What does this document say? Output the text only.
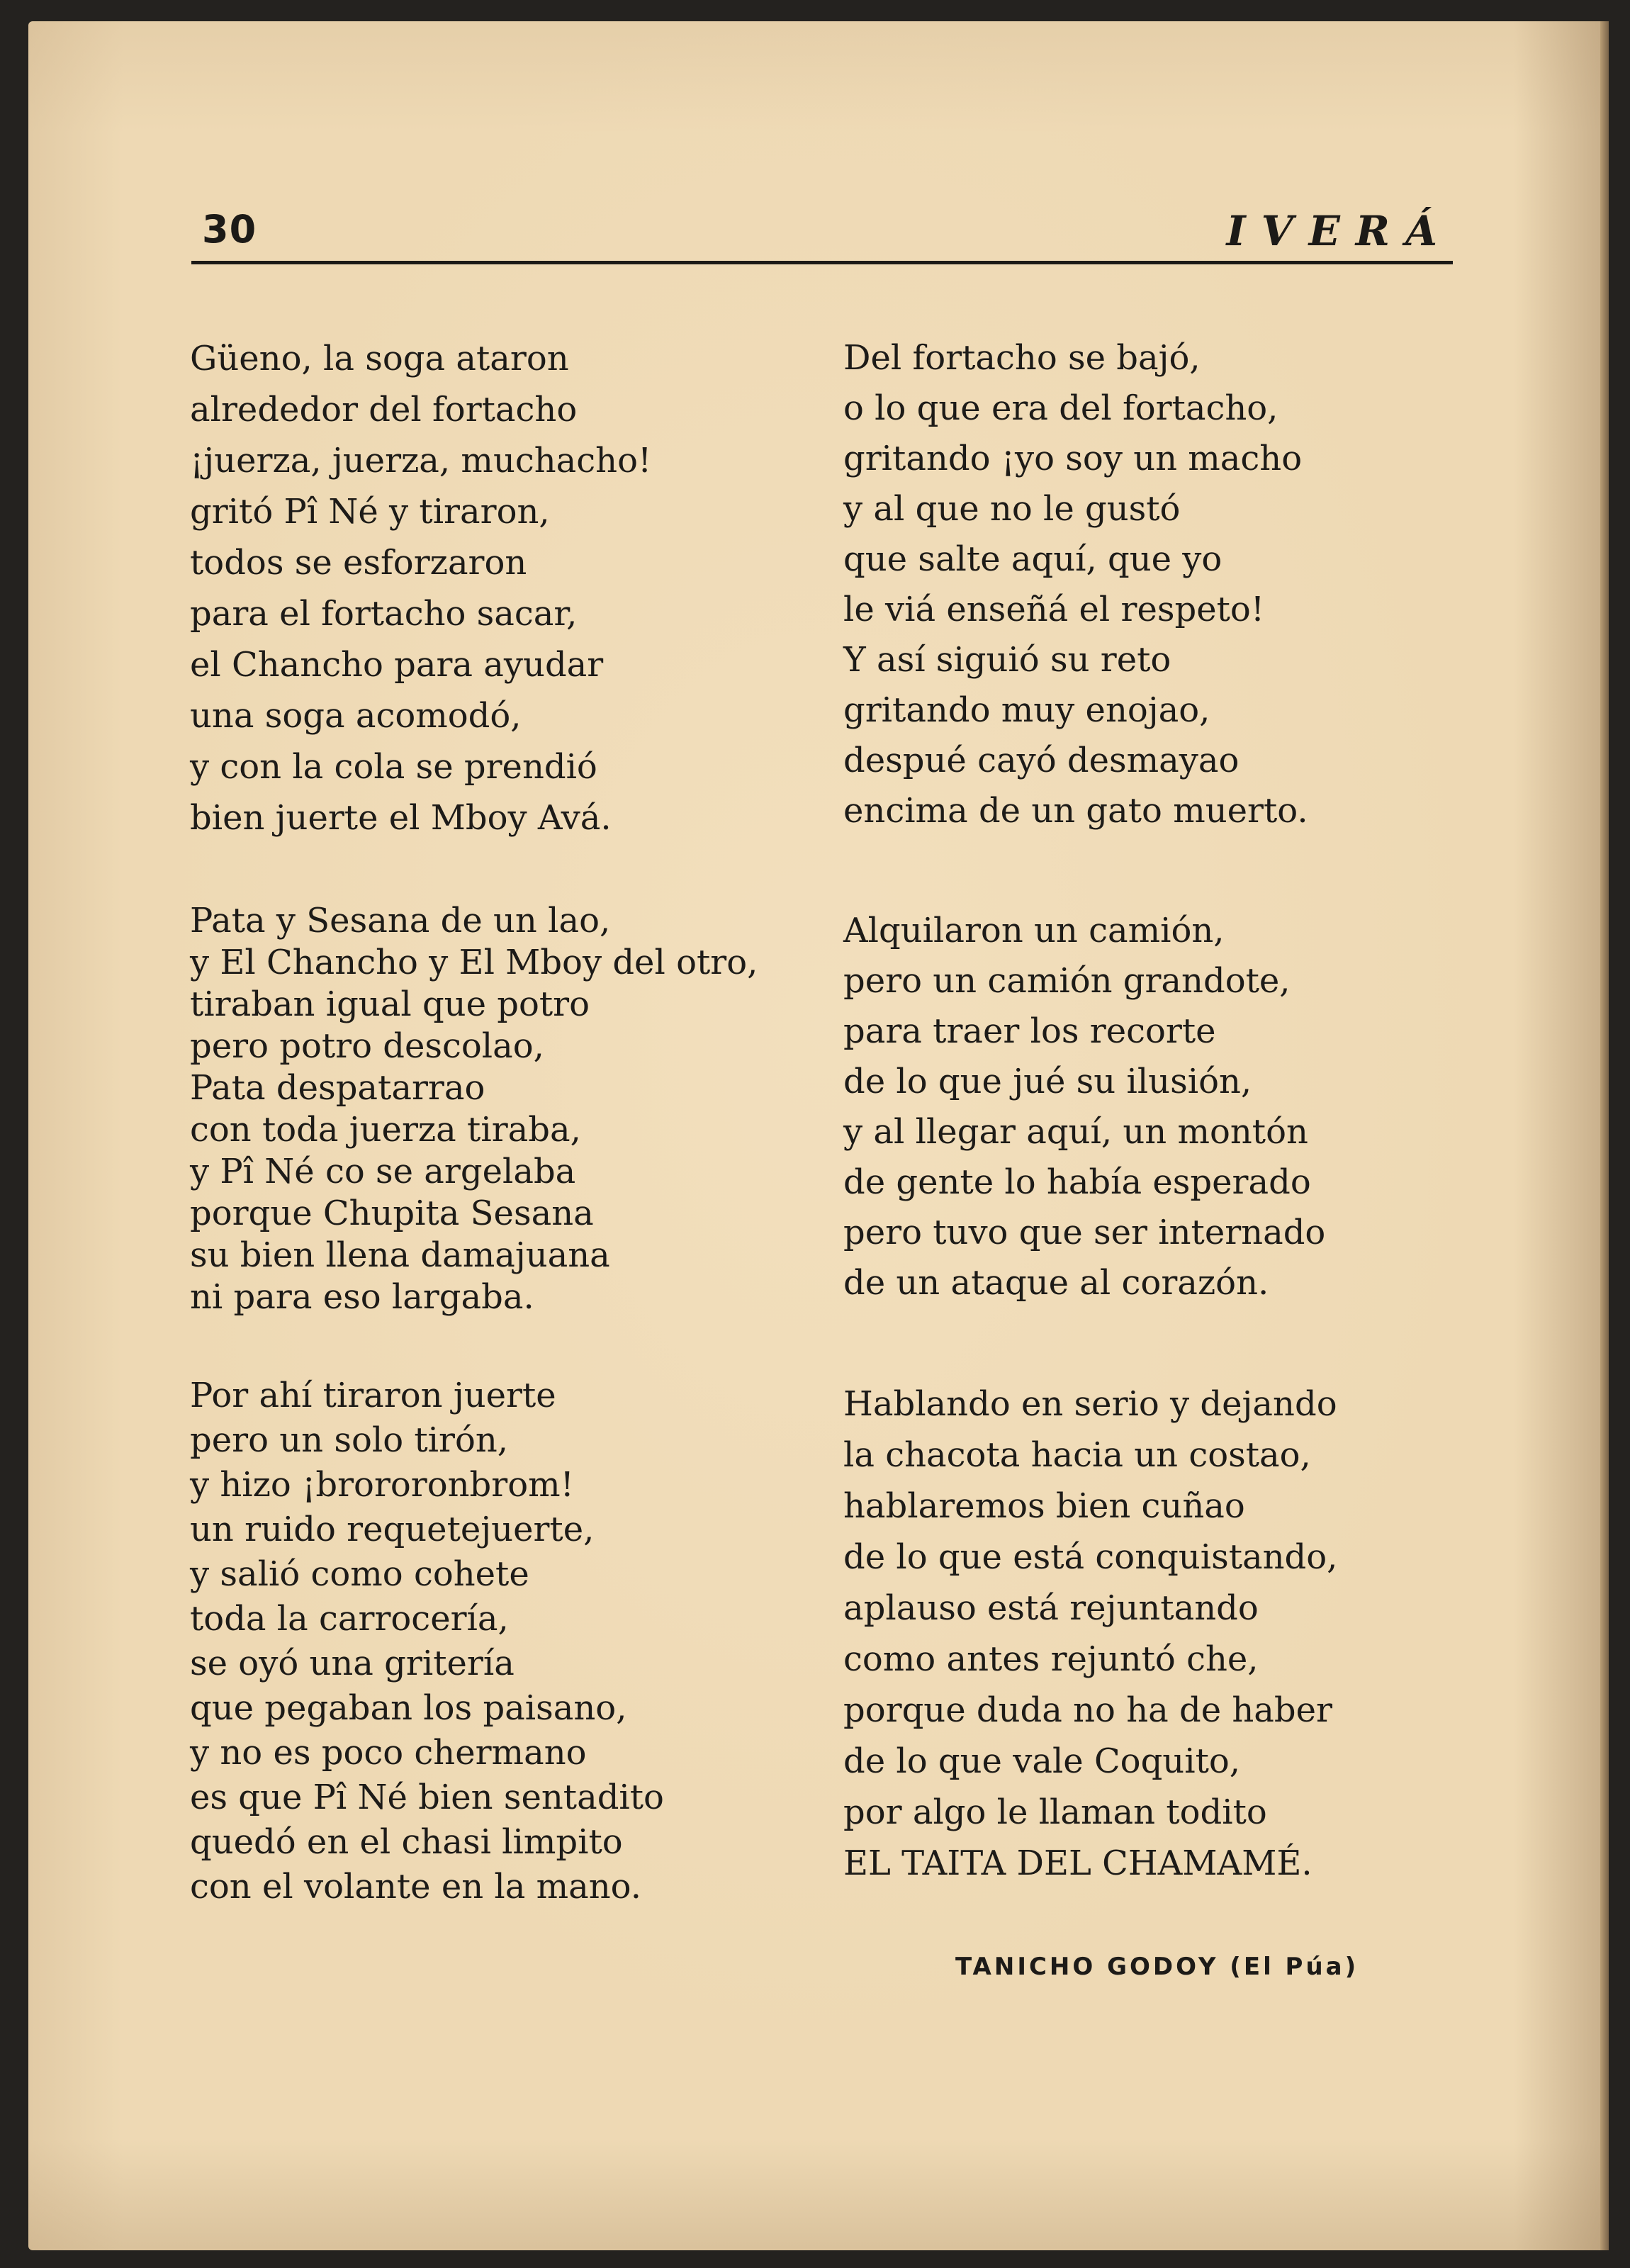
30	IVERÁ
Güeno, la soga ataron
alrededor del fortacho
¡juerza, juerza, muchacho!
gritó Pî Né y tiraron,
todos se esforzaron
para el fortacho sacar,
el Chancho para ayudar
una soga acomodó,
y con la cola se prendió
bien juerte el Mboy Avá.
Pata y Sesana de un lao,
y El Chancho y El Mboy del otro,
tiraban igual que potro
pero potro descolao,
Pata despatarrao
con toda juerza tiraba,
y Pî Né co se argelaba
porque Chupita Sesana
su bien llena damajuana
ni para eso largaba.
Por ahí tiraron juerte
pero un solo tirón,
y hizo ¡brororonbrom!
un ruido requetejuerte,
y salió como cohete
toda la carrocería,
se oyó una gritería
que pegaban los paisano,
y no es poco chermano
es que Pî Né bien sentadito
quedó en el chasi limpito
con el volante en la mano.
Del fortacho se bajó,
o lo que era del fortacho,
gritando ¡yo soy un macho
y al que no le gustó
que salte aquí, que yo
le viá enseñá el respeto!
Y así siguió su reto
gritando muy enojao,
despué cayó desmayao
encima de un gato muerto.
Alquilaron un camión,
pero un camión grandote,
para traer los recorte
de lo que jué su ilusión,
y al llegar aquí, un montón
de gente lo había esperado
pero tuvo que ser internado
de un ataque al corazón.
Hablando en serio y dejando
la chacota hacia un costao,
hablaremos bien cuñao
de lo que está conquistando,
aplauso está rejuntando
como antes rejuntó che,
porque duda no ha de haber
de lo que vale Coquito,
por algo le llaman todito
EL TAITA DEL CHAMAMÉ.
TANICHO GODOY (El Púa)
